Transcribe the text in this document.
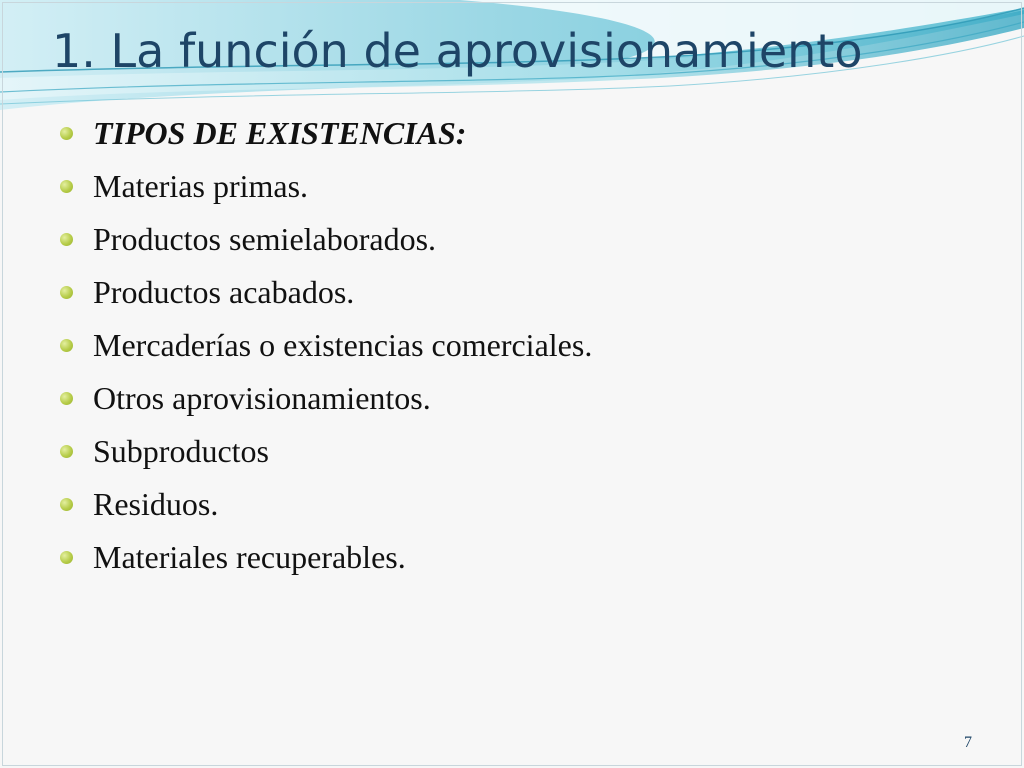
1. La función de aprovisionamiento
TIPOS DE EXISTENCIAS:
Materias primas.
Productos semielaborados.
Productos acabados.
Mercaderías o existencias comerciales.
Otros aprovisionamientos.
Subproductos
Residuos.
Materiales recuperables.
7
